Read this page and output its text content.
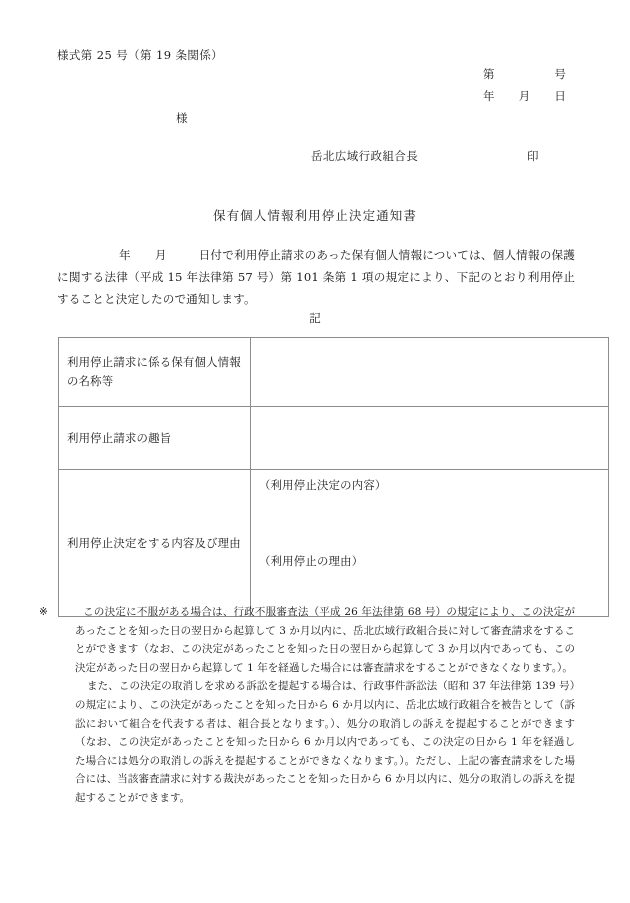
様式第 25 号（第 19 条関係）
第　　　　　号
年　　月　　日
様
岳北広域行政組合長	印
保有個人情報利用停止決定通知書
年 月	日付で利用停止請求のあった保有個人情報については、個人情報の保護に関する法律（平成 15 年法律第 57 号）第 101 条第 1 項の規定により、下記のとおり利用停止することと決定したので通知します。
記
利用停止請求に係る保有個人情報の名称等	
利用停止請求の趣旨	
利用停止決定をする内容及び理由	（利用停止決定の内容）
（利用停止の理由）

※	この決定に不服がある場合は、行政不服審査法（平成 26 年法律第 68 号）の規定により、この決定があったことを知った日の翌日から起算して 3 か月以内に、岳北広域行政組合長に対して審査請求をすることができます（なお、この決定があったことを知った日の翌日から起算して 3 か月以内であっても、この決定があった日の翌日から起算して 1 年を経過した場合には審査請求をすることができなくなります。）。

また、この決定の取消しを求める訴訟を提起する場合は、行政事件訴訟法（昭和 37 年法律第 139 号）の規定により、この決定があったことを知った日から 6 か月以内に、岳北広域行政組合を被告として（訴訟において組合を代表する者は、組合長となります。）、処分の取消しの訴えを提起することができます（なお、この決定があったことを知った日から 6 か月以内であっても、この決定の日から 1 年を経過した場合には処分の取消しの訴えを提起することができなくなります。）。ただし、上記の審査請求をした場合には、当該審査請求に対する裁決があったことを知った日から 6 か月以内に、処分の取消しの訴えを提起することができます。
